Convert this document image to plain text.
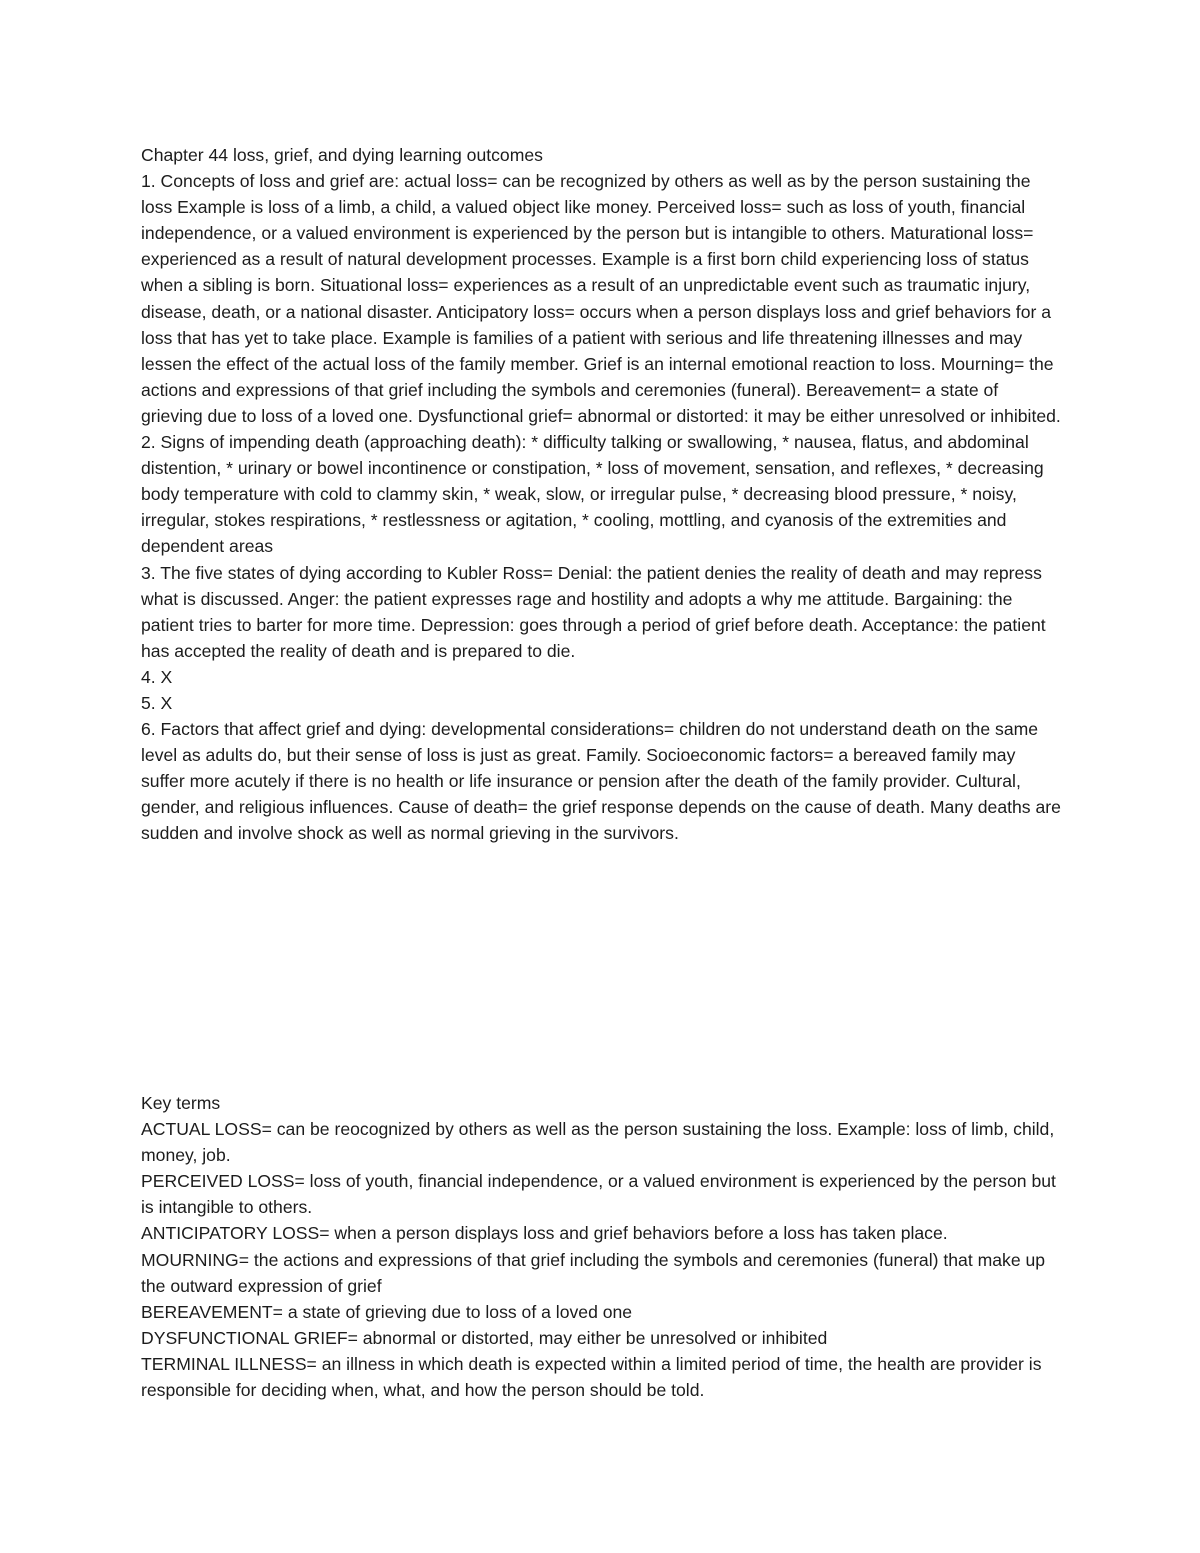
Chapter 44 loss, grief, and dying learning outcomes

1. Concepts of loss and grief are: actual loss= can be recognized by others as well as by the person sustaining the loss Example is loss of a limb, a child, a valued object like money. Perceived loss= such as loss of youth, financial independence, or a valued environment is experienced by the person but is intangible to others. Maturational loss= experienced as a result of natural development processes. Example is a first born child experiencing loss of status when a sibling is born. Situational loss= experiences as a result of an unpredictable event such as traumatic injury, disease, death, or a national disaster. Anticipatory loss= occurs when a person displays loss and grief behaviors for a loss that has yet to take place. Example is families of a patient with serious and life threatening illnesses and may lessen the effect of the actual loss of the family member. Grief is an internal emotional reaction to loss. Mourning= the actions and expressions of that grief including the symbols and ceremonies (funeral). Bereavement= a state of grieving due to loss of a loved one. Dysfunctional grief= abnormal or distorted: it may be either unresolved or inhibited.

2. Signs of impending death (approaching death): * difficulty talking or swallowing, * nausea, flatus, and abdominal distention, * urinary or bowel incontinence or constipation, * loss of movement, sensation, and reflexes, * decreasing body temperature with cold to clammy skin, * weak, slow, or irregular pulse, * decreasing blood pressure, * noisy, irregular, stokes respirations, * restlessness or agitation, * cooling, mottling, and cyanosis of the extremities and dependent areas

3. The five states of dying according to Kubler Ross= Denial: the patient denies the reality of death and may repress what is discussed. Anger: the patient expresses rage and hostility and adopts a why me attitude. Bargaining: the patient tries to barter for more time. Depression: goes through a period of grief before death. Acceptance: the patient has accepted the reality of death and is prepared to die.

4. X

5. X

6. Factors that affect grief and dying: developmental considerations= children do not understand death on the same level as adults do, but their sense of loss is just as great. Family. Socioeconomic factors= a bereaved family may suffer more acutely if there is no health or life insurance or pension after the death of the family provider. Cultural, gender, and religious influences. Cause of death= the grief response depends on the cause of death. Many deaths are sudden and involve shock as well as normal grieving in the survivors.

Key terms

ACTUAL LOSS= can be reocognized by others as well as the person sustaining the loss. Example: loss of limb, child, money, job.

PERCEIVED LOSS= loss of youth, financial independence, or a valued environment is experienced by the person but is intangible to others.

ANTICIPATORY LOSS= when a person displays loss and grief behaviors before a loss has taken place.

MOURNING= the actions and expressions of that grief including the symbols and ceremonies (funeral) that make up the outward expression of grief

BEREAVEMENT= a state of grieving due to loss of a loved one

DYSFUNCTIONAL GRIEF= abnormal or distorted, may either be unresolved or inhibited

TERMINAL ILLNESS= an illness in which death is expected within a limited period of time, the health are provider is responsible for deciding when, what, and how the person should be told.
